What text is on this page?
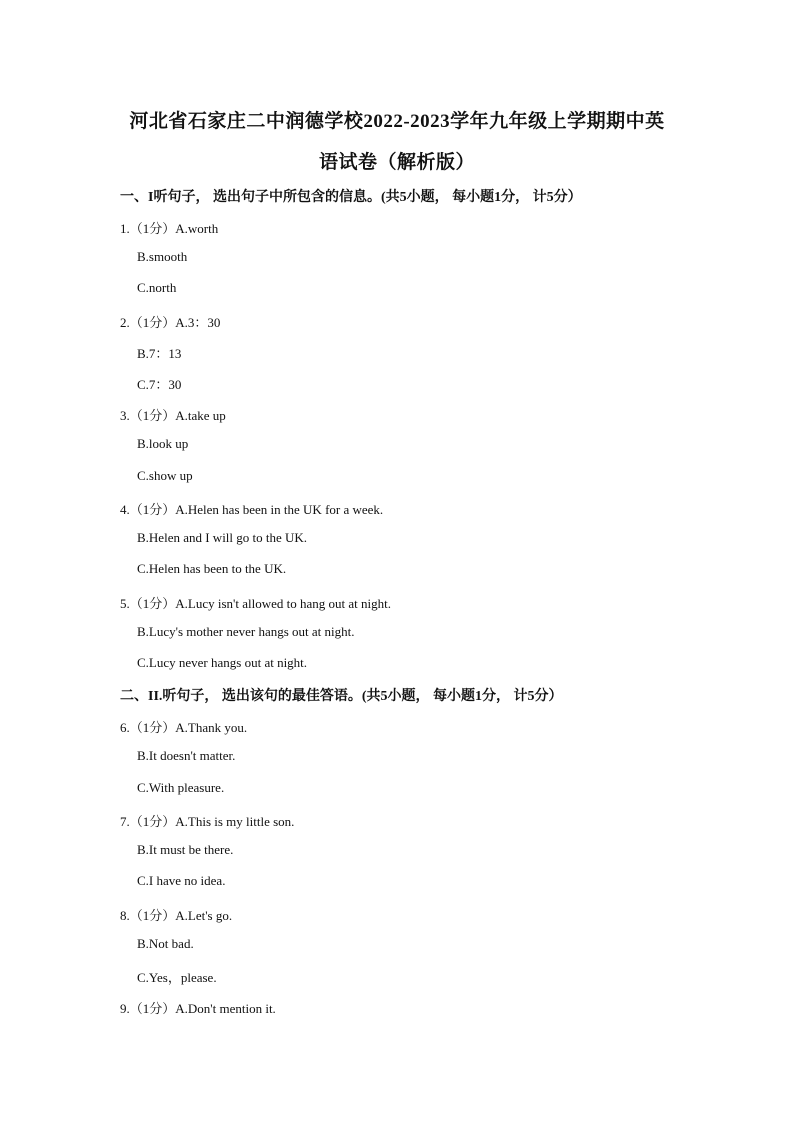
河北省石家庄二中润德学校2022-2023学年九年级上学期期中英
语试卷（解析版）
一、I听句子， 选出句子中所包含的信息。(共5小题， 每小题1分， 计5分）
1.（1分）A.worth
B.smooth
C.north
2.（1分）A.3：30
B.7：13
C.7：30
3.（1分）A.take up
B.look up
C.show up
4.（1分）A.Helen has been in the UK for a week.
B.Helen and I will go to the UK.
C.Helen has been to the UK.
5.（1分）A.Lucy isn't allowed to hang out at night.
B.Lucy's mother never hangs out at night.
C.Lucy never hangs out at night.
二、II.听句子， 选出该句的最佳答语。(共5小题， 每小题1分， 计5分）
6.（1分）A.Thank you.
B.It doesn't matter.
C.With pleasure.
7.（1分）A.This is my little son.
B.It must be there.
C.I have no idea.
8.（1分）A.Let's go.
B.Not bad.
C.Yes，please.
9.（1分）A.Don't mention it.
